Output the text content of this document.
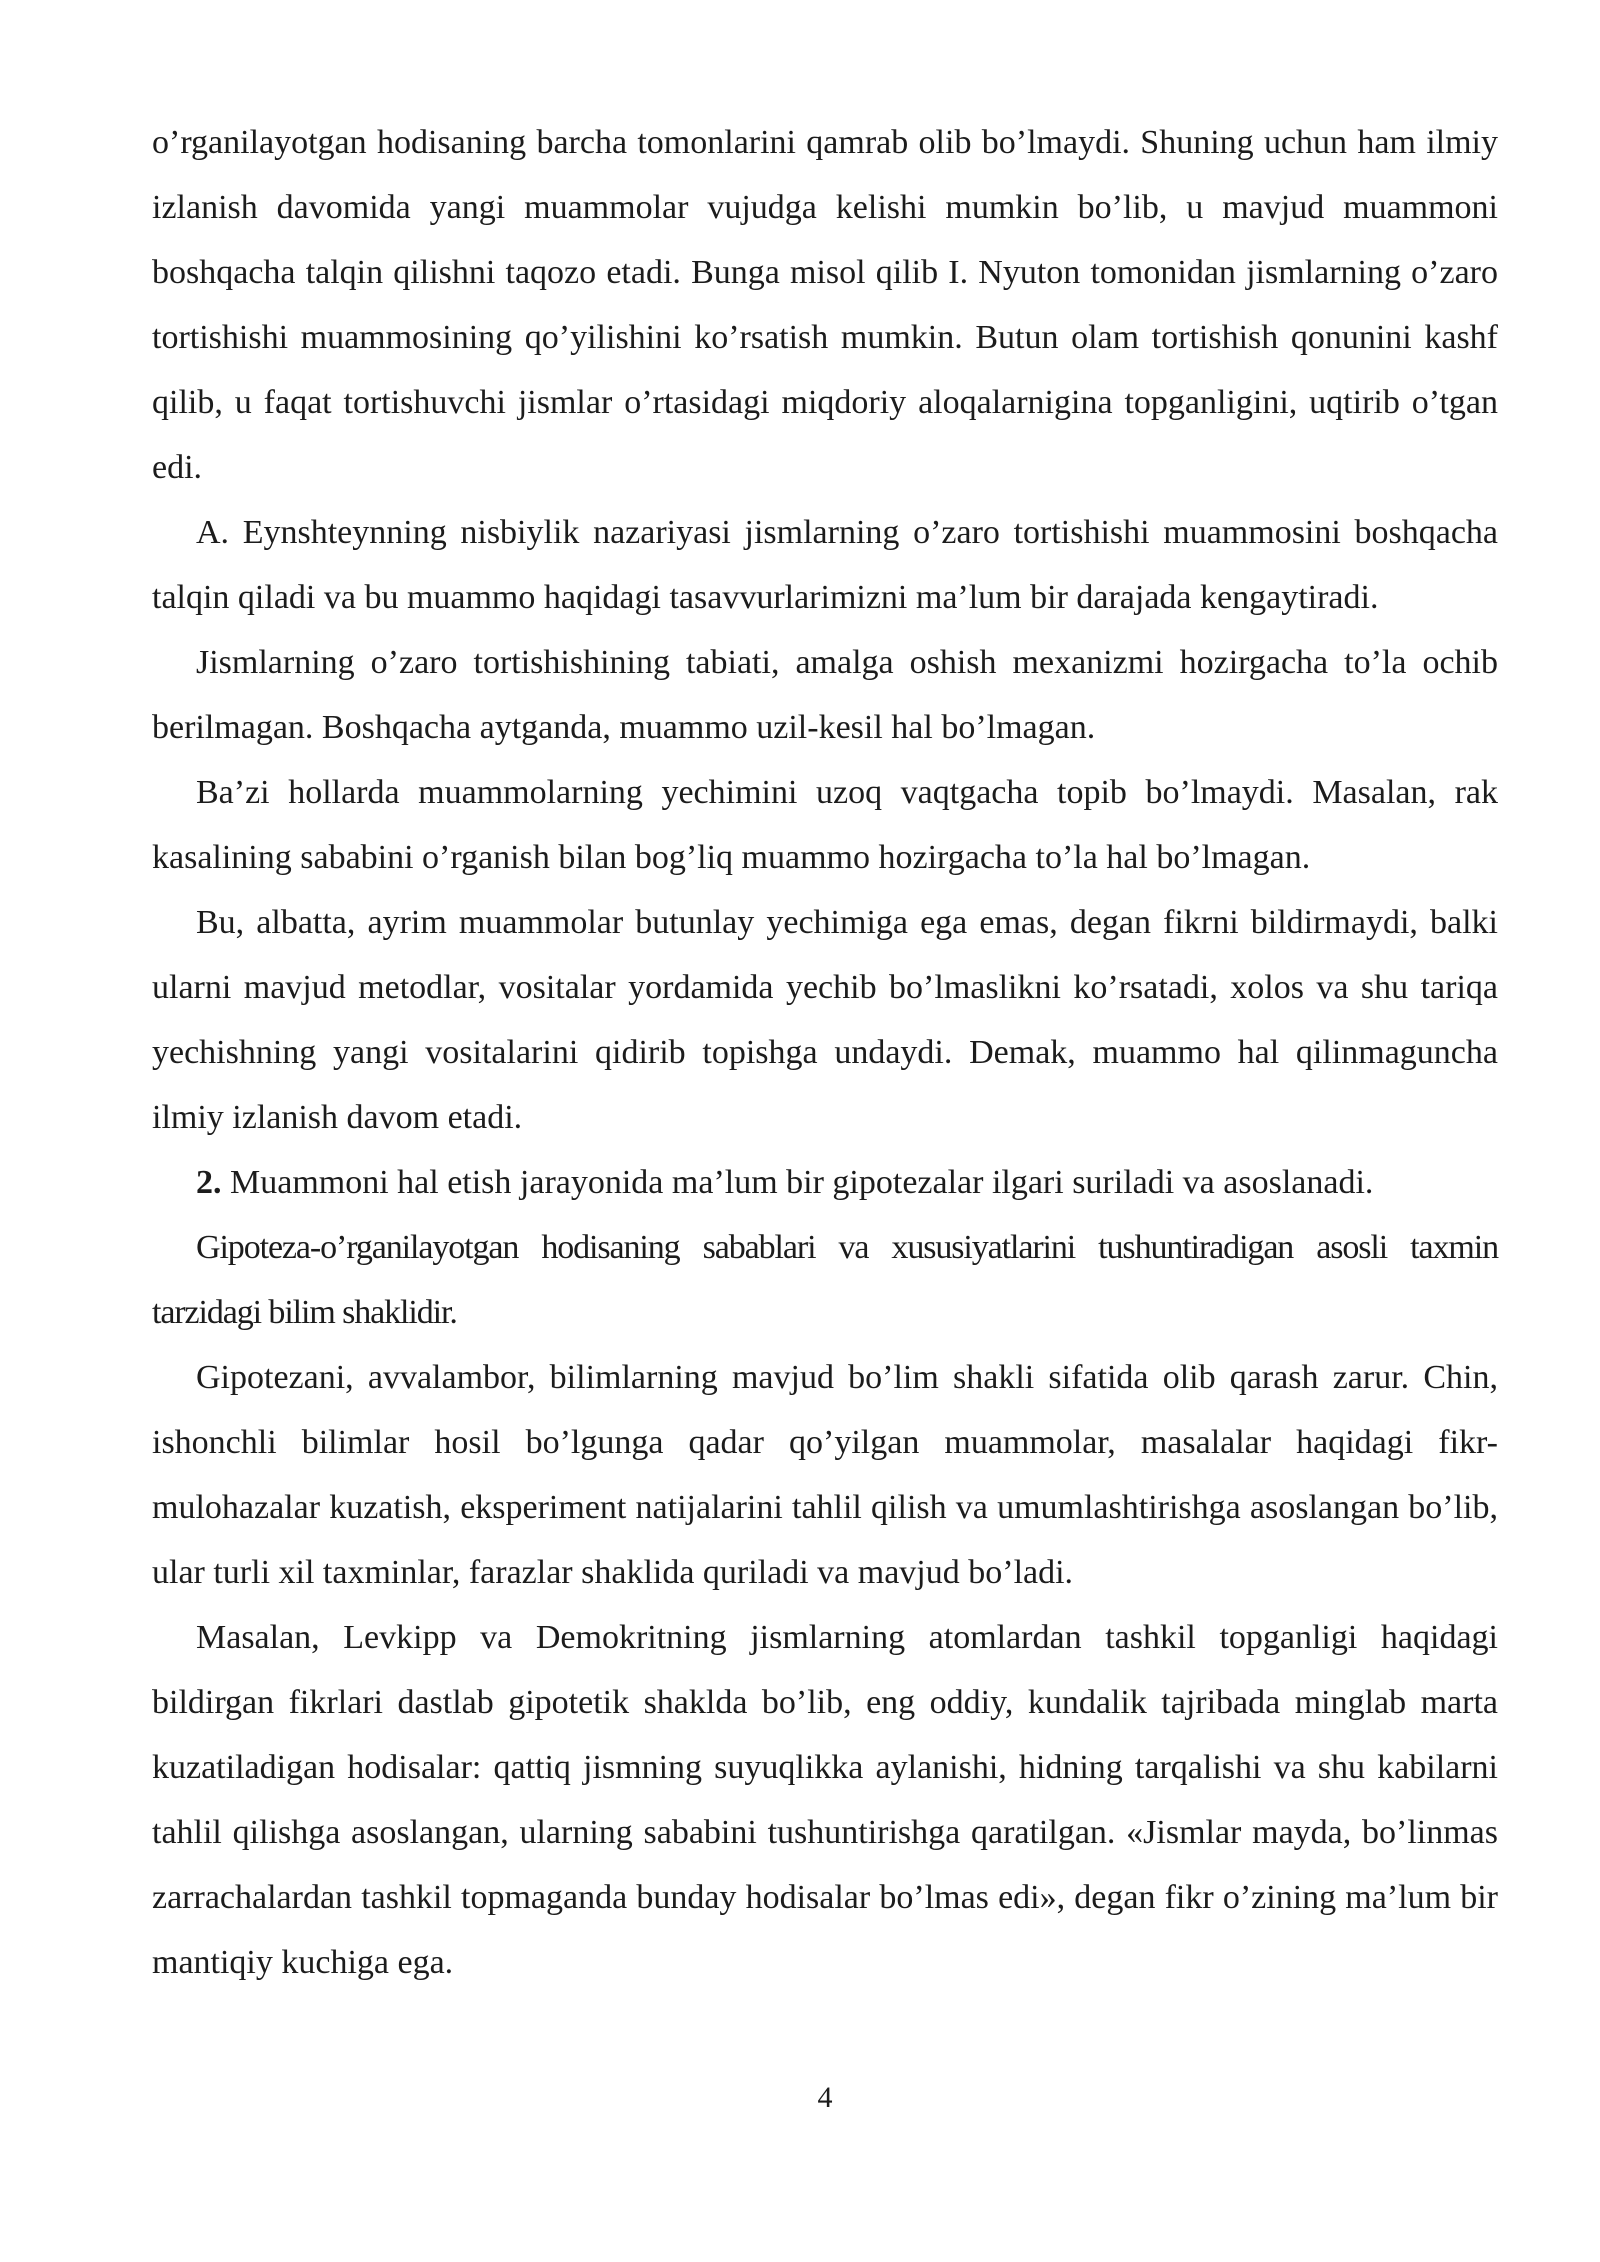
o’rganilayotgan hodisaning barcha tomonlarini qamrab olib bo’lmaydi. Shuning uchun ham ilmiy izlanish davomida yangi muammolar vujudga kelishi mumkin bo’lib, u mavjud muammoni boshqacha talqin qilishni taqozo etadi. Bunga misol qilib I. Nyuton tomonidan jismlarning o’zaro tortishishi muammosining qo’yilishini ko’rsatish mumkin. Butun olam tortishish qonunini kashf qilib, u faqat tortishuvchi jismlar o’rtasidagi miqdoriy aloqalarnigina topganligini, uqtirib o’tgan edi.

A. Eynshteynning nisbiylik nazariyasi jismlarning o’zaro tortishishi muammosini boshqacha talqin qiladi va bu muammo haqidagi tasavvurlarimizni ma’lum bir darajada kengaytiradi.

Jismlarning o’zaro tortishishining tabiati, amalga oshish mexanizmi hozirgacha to’la ochib berilmagan. Boshqacha aytganda, muammo uzil-kesil hal bo’lmagan.

Ba’zi hollarda muammolarning yechimini uzoq vaqtgacha topib bo’lmaydi. Masalan, rak kasalining sababini o’rganish bilan bog’liq muammo hozirgacha to’la hal bo’lmagan.

Bu, albatta, ayrim muammolar butunlay yechimiga ega emas, degan fikrni bildirmaydi, balki ularni mavjud metodlar, vositalar yordamida yechib bo’lmaslikni ko’rsatadi, xolos va shu tariqa yechishning yangi vositalarini qidirib topishga undaydi. Demak, muammo hal qilinmaguncha ilmiy izlanish davom etadi.

2. Muammoni hal etish jarayonida ma’lum bir gipotezalar ilgari suriladi va asoslanadi.

Gipoteza-o’rganilayotgan hodisaning sabablari va xususiyatlarini tushuntiradigan asosli taxmin tarzidagi bilim shaklidir.

Gipotezani, avvalambor, bilimlarning mavjud bo’lim shakli sifatida olib qarash zarur. Chin, ishonchli bilimlar hosil bo’lgunga qadar qo’yilgan muammolar, masalalar haqidagi fikr-mulohazalar kuzatish, eksperiment natijalarini tahlil qilish va umumlashtirishga asoslangan bo’lib, ular turli xil taxminlar, farazlar shaklida quriladi va mavjud bo’ladi.

Masalan, Levkipp va Demokritning jismlarning atomlardan tashkil topganligi haqidagi bildirgan fikrlari dastlab gipotetik shakldа bo’lib, eng oddiy, kundalik tajribada minglab marta kuzatiladigan hodisalar: qattiq jismning suyuqlikka aylanishi, hidning tarqalishi va shu kabilarni tahlil qilishga asoslangan, ularning sababini tushuntirishga qaratilgan. «Jismlar mayda, bo’linmas zarrachalardan tashkil topmaganda bunday hodisalar bo’lmas edi», degan fikr o’zining ma’lum bir mantiqiy kuchiga ega.

4
